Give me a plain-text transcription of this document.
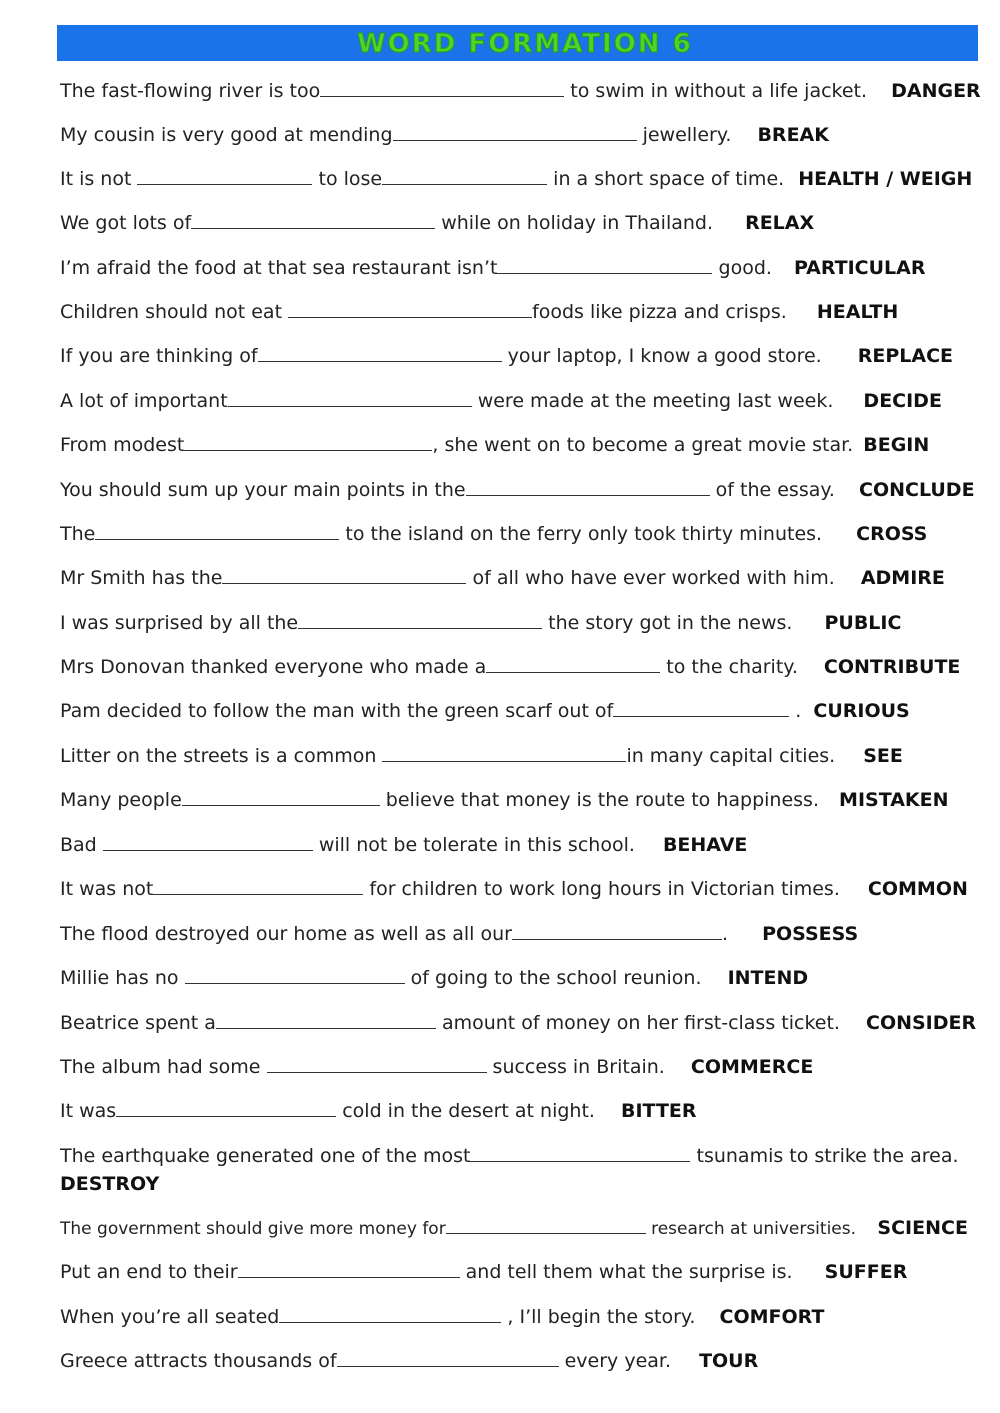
WORD FORMATION 6
The fast-flowing river is too	to swim in without a life jacket. DANGER
My cousin is very good at mending	jewellery. BREAK
It is not	to lose	in a short space of time. HEALTH / WEIGH
We got lots of	while on holiday in Thailand. RELAX
I’m afraid the food at that sea restaurant isn’t	good. PARTICULAR
Children should not eat	foods like pizza and crisps. HEALTH
If you are thinking of	your laptop, I know a good store. REPLACE
A lot of important	were made at the meeting last week. DECIDE
From modest	, she went on to become a great movie star. BEGIN
You should sum up your main points in the	of the essay. CONCLUDE
The	to the island on the ferry only took thirty minutes. CROSS
Mr Smith has the	of all who have ever worked with him. ADMIRE
I was surprised by all the	the story got in the news. PUBLIC
Mrs Donovan thanked everyone who made a	to the charity. CONTRIBUTE
Pam decided to follow the man with the green scarf out of	. CURIOUS
Litter on the streets is a common	in many capital cities. SEE
Many people	believe that money is the route to happiness. MISTAKEN
Bad	will not be tolerate in this school. BEHAVE
It was not	for children to work long hours in Victorian times. COMMON
The flood destroyed our home as well as all our	. POSSESS
Millie has no	of going to the school reunion. INTEND
Beatrice spent a	amount of money on her first-class ticket. CONSIDER
The album had some	success in Britain. COMMERCE
It was	cold in the desert at night. BITTER
The earthquake generated one of the most	tsunamis to strike the area.
DESTROY
The government should give more money for	research at universities. SCIENCE
Put an end to their	and tell them what the surprise is. SUFFER
When you’re all seated	, I’ll begin the story. COMFORT
Greece attracts thousands of	every year. TOUR
